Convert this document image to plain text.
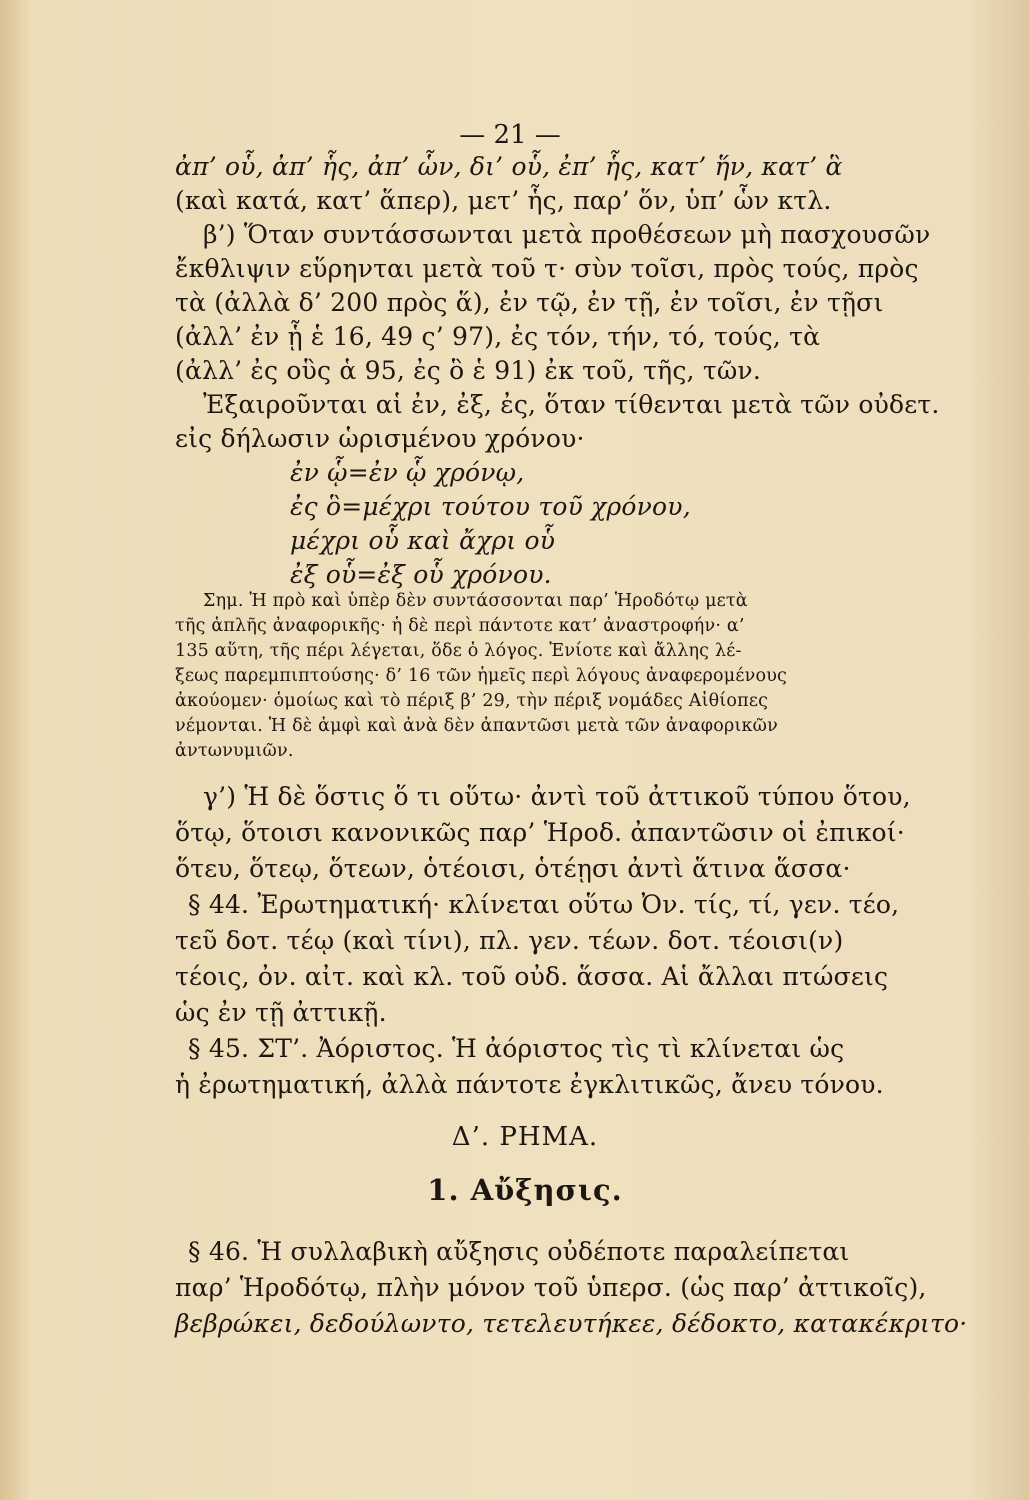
— 21 —
ἀπ’ οὗ, ἀπ’ ἧς, ἀπ’ ὧν, δι’ οὗ, ἐπ’ ἧς, κατ’ ἥν, κατ’ ἃ
(καὶ κατά, κατ’ ἅπερ), μετ’ ἧς, παρ’ ὅν, ὑπ’ ὧν κτλ.
β’) Ὅταν συντάσσωνται μετὰ προθέσεων μὴ πασχουσῶν
ἔκθλιψιν εὕρηνται μετὰ τοῦ τ· σὺν τοῖσι, πρὸς τούς, πρὸς
τὰ (ἀλλὰ δ’ 200 πρὸς ἅ), ἐν τῷ, ἐν τῇ, ἐν τοῖσι, ἐν τῇσι
(ἀλλ’ ἐν ᾗ ἑ 16, 49 ς’ 97), ἐς τόν, τήν, τό, τούς, τὰ
(ἀλλ’ ἐς οὓς ἁ 95, ἐς ὃ ἑ 91) ἐκ τοῦ, τῆς, τῶν.
Ἐξαιροῦνται αἱ ἐν, ἐξ, ἐς, ὅταν τίθενται μετὰ τῶν οὐδετ.
εἰς δήλωσιν ὡρισμένου χρόνου·
ἐν ᾧ=ἐν ᾧ χρόνῳ,
ἐς ὃ=μέχρι τούτου τοῦ χρόνου,
μέχρι οὗ καὶ ἄχρι οὗ
ἐξ οὗ=ἐξ οὗ χρόνου.
Σημ. Ἡ πρὸ καὶ ὑπὲρ δὲν συντάσσονται παρ’ Ἡροδότῳ μετὰ
τῆς ἁπλῆς ἀναφορικῆς· ἡ δὲ περὶ πάντοτε κατ’ ἀναστροφήν· α’
135 αὕτη, τῆς πέρι λέγεται, ὅδε ὁ λόγος. Ἐνίοτε καὶ ἄλλης λέ-
ξεως παρεμπιπτούσης· δ’ 16 τῶν ἡμεῖς περὶ λόγους ἀναφερομένους
ἀκούομεν· ὁμοίως καὶ τὸ πέριξ β’ 29, τὴν πέριξ νομάδες Αἰθίοπες
νέμονται. Ἡ δὲ ἀμφὶ καὶ ἀνὰ δὲν ἀπαντῶσι μετὰ τῶν ἀναφορικῶν
ἀντωνυμιῶν.
γ’) Ἡ δὲ ὅστις ὅ τι οὕτω· ἀντὶ τοῦ ἀττικοῦ τύπου ὅτου,
ὅτῳ, ὅτοισι κανονικῶς παρ’ Ἡροδ. ἀπαντῶσιν οἱ ἐπικοί·
ὅτευ, ὅτεῳ, ὅτεων, ὁτέοισι, ὁτέῃσι ἀντὶ ἅτινα ἅσσα·
§ 44. Ἐρωτηματική· κλίνεται οὕτω Ὀν. τίς, τί, γεν. τέο,
τεῦ δοτ. τέῳ (καὶ τίνι), πλ. γεν. τέων. δοτ. τέοισι(ν)
τέοις, ὀν. αἰτ. καὶ κλ. τοῦ οὐδ. ἅσσα. Αἱ ἄλλαι πτώσεις
ὡς ἐν τῇ ἀττικῇ.
§ 45. ΣΤ’. Ἀόριστος. Ἡ ἀόριστος τὶς τὶ κλίνεται ὡς
ἡ ἐρωτηματική, ἀλλὰ πάντοτε ἐγκλιτικῶς, ἄνευ τόνου.
Δ’. ΡΗΜΑ.
1. Αὔξησις.
§ 46. Ἡ συλλαβικὴ αὔξησις οὐδέποτε παραλείπεται
παρ’ Ἡροδότῳ, πλὴν μόνον τοῦ ὑπερσ. (ὡς παρ’ ἀττικοῖς),
βεβρώκει, δεδούλωντο, τετελευτήκεε, δέδοκτο, κατακέκριτο·
